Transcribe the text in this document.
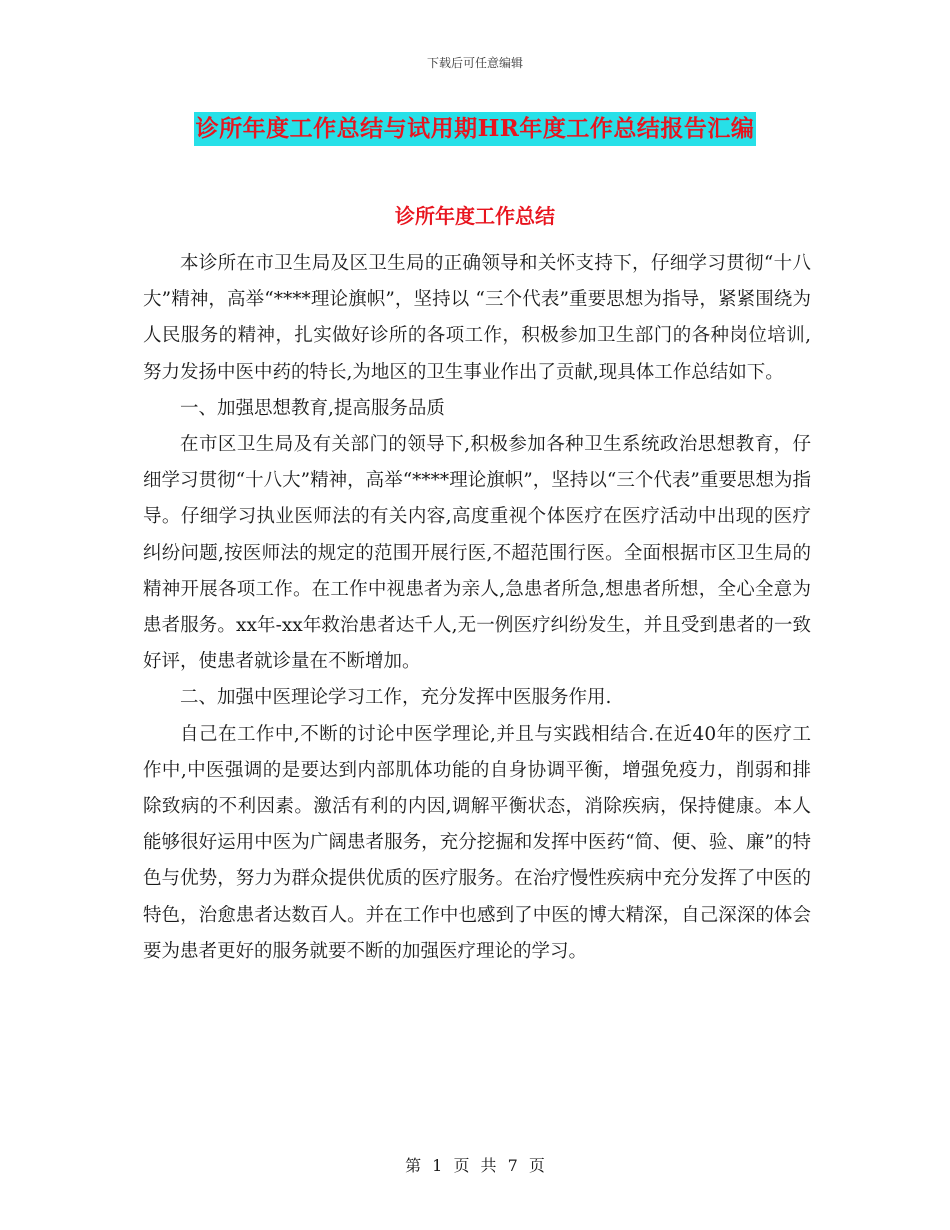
下载后可任意编辑
诊所年度工作总结与试用期HR年度工作总结报告汇编
诊所年度工作总结

本诊所在市卫生局及区卫生局的正确领导和关怀支持下，仔细学习贯彻“十八大”精神，高举“****理论旗帜”，坚持以 “三个代表”重要思想为指导，紧紧围绕为人民服务的精神，扎实做好诊所的各项工作，积极参加卫生部门的各种岗位培训,努力发扬中医中药的特长,为地区的卫生事业作出了贡献,现具体工作总结如下。

一、加强思想教育,提高服务品质

在市区卫生局及有关部门的领导下,积极参加各种卫生系统政治思想教育，仔细学习贯彻“十八大”精神，高举“****理论旗帜”，坚持以“三个代表”重要思想为指导。仔细学习执业医师法的有关内容,高度重视个体医疗在医疗活动中出现的医疗纠纷问题,按医师法的规定的范围开展行医,不超范围行医。全面根据市区卫生局的精神开展各项工作。在工作中视患者为亲人,急患者所急,想患者所想，全心全意为患者服务。xx年-xx年救治患者达千人,无一例医疗纠纷发生，并且受到患者的一致好评，使患者就诊量在不断增加。

二、加强中医理论学习工作，充分发挥中医服务作用.

自己在工作中,不断的讨论中医学理论,并且与实践相结合.在近40年的医疗工作中,中医强调的是要达到内部肌体功能的自身协调平衡，增强免疫力，削弱和排除致病的不利因素。激活有利的内因,调解平衡状态，消除疾病，保持健康。本人能够很好运用中医为广阔患者服务，充分挖掘和发挥中医药“简、便、验、廉”的特色与优势，努力为群众提供优质的医疗服务。在治疗慢性疾病中充分发挥了中医的特色，治愈患者达数百人。并在工作中也感到了中医的博大精深，自己深深的体会要为患者更好的服务就要不断的加强医疗理论的学习。

第 1 页 共 7 页
